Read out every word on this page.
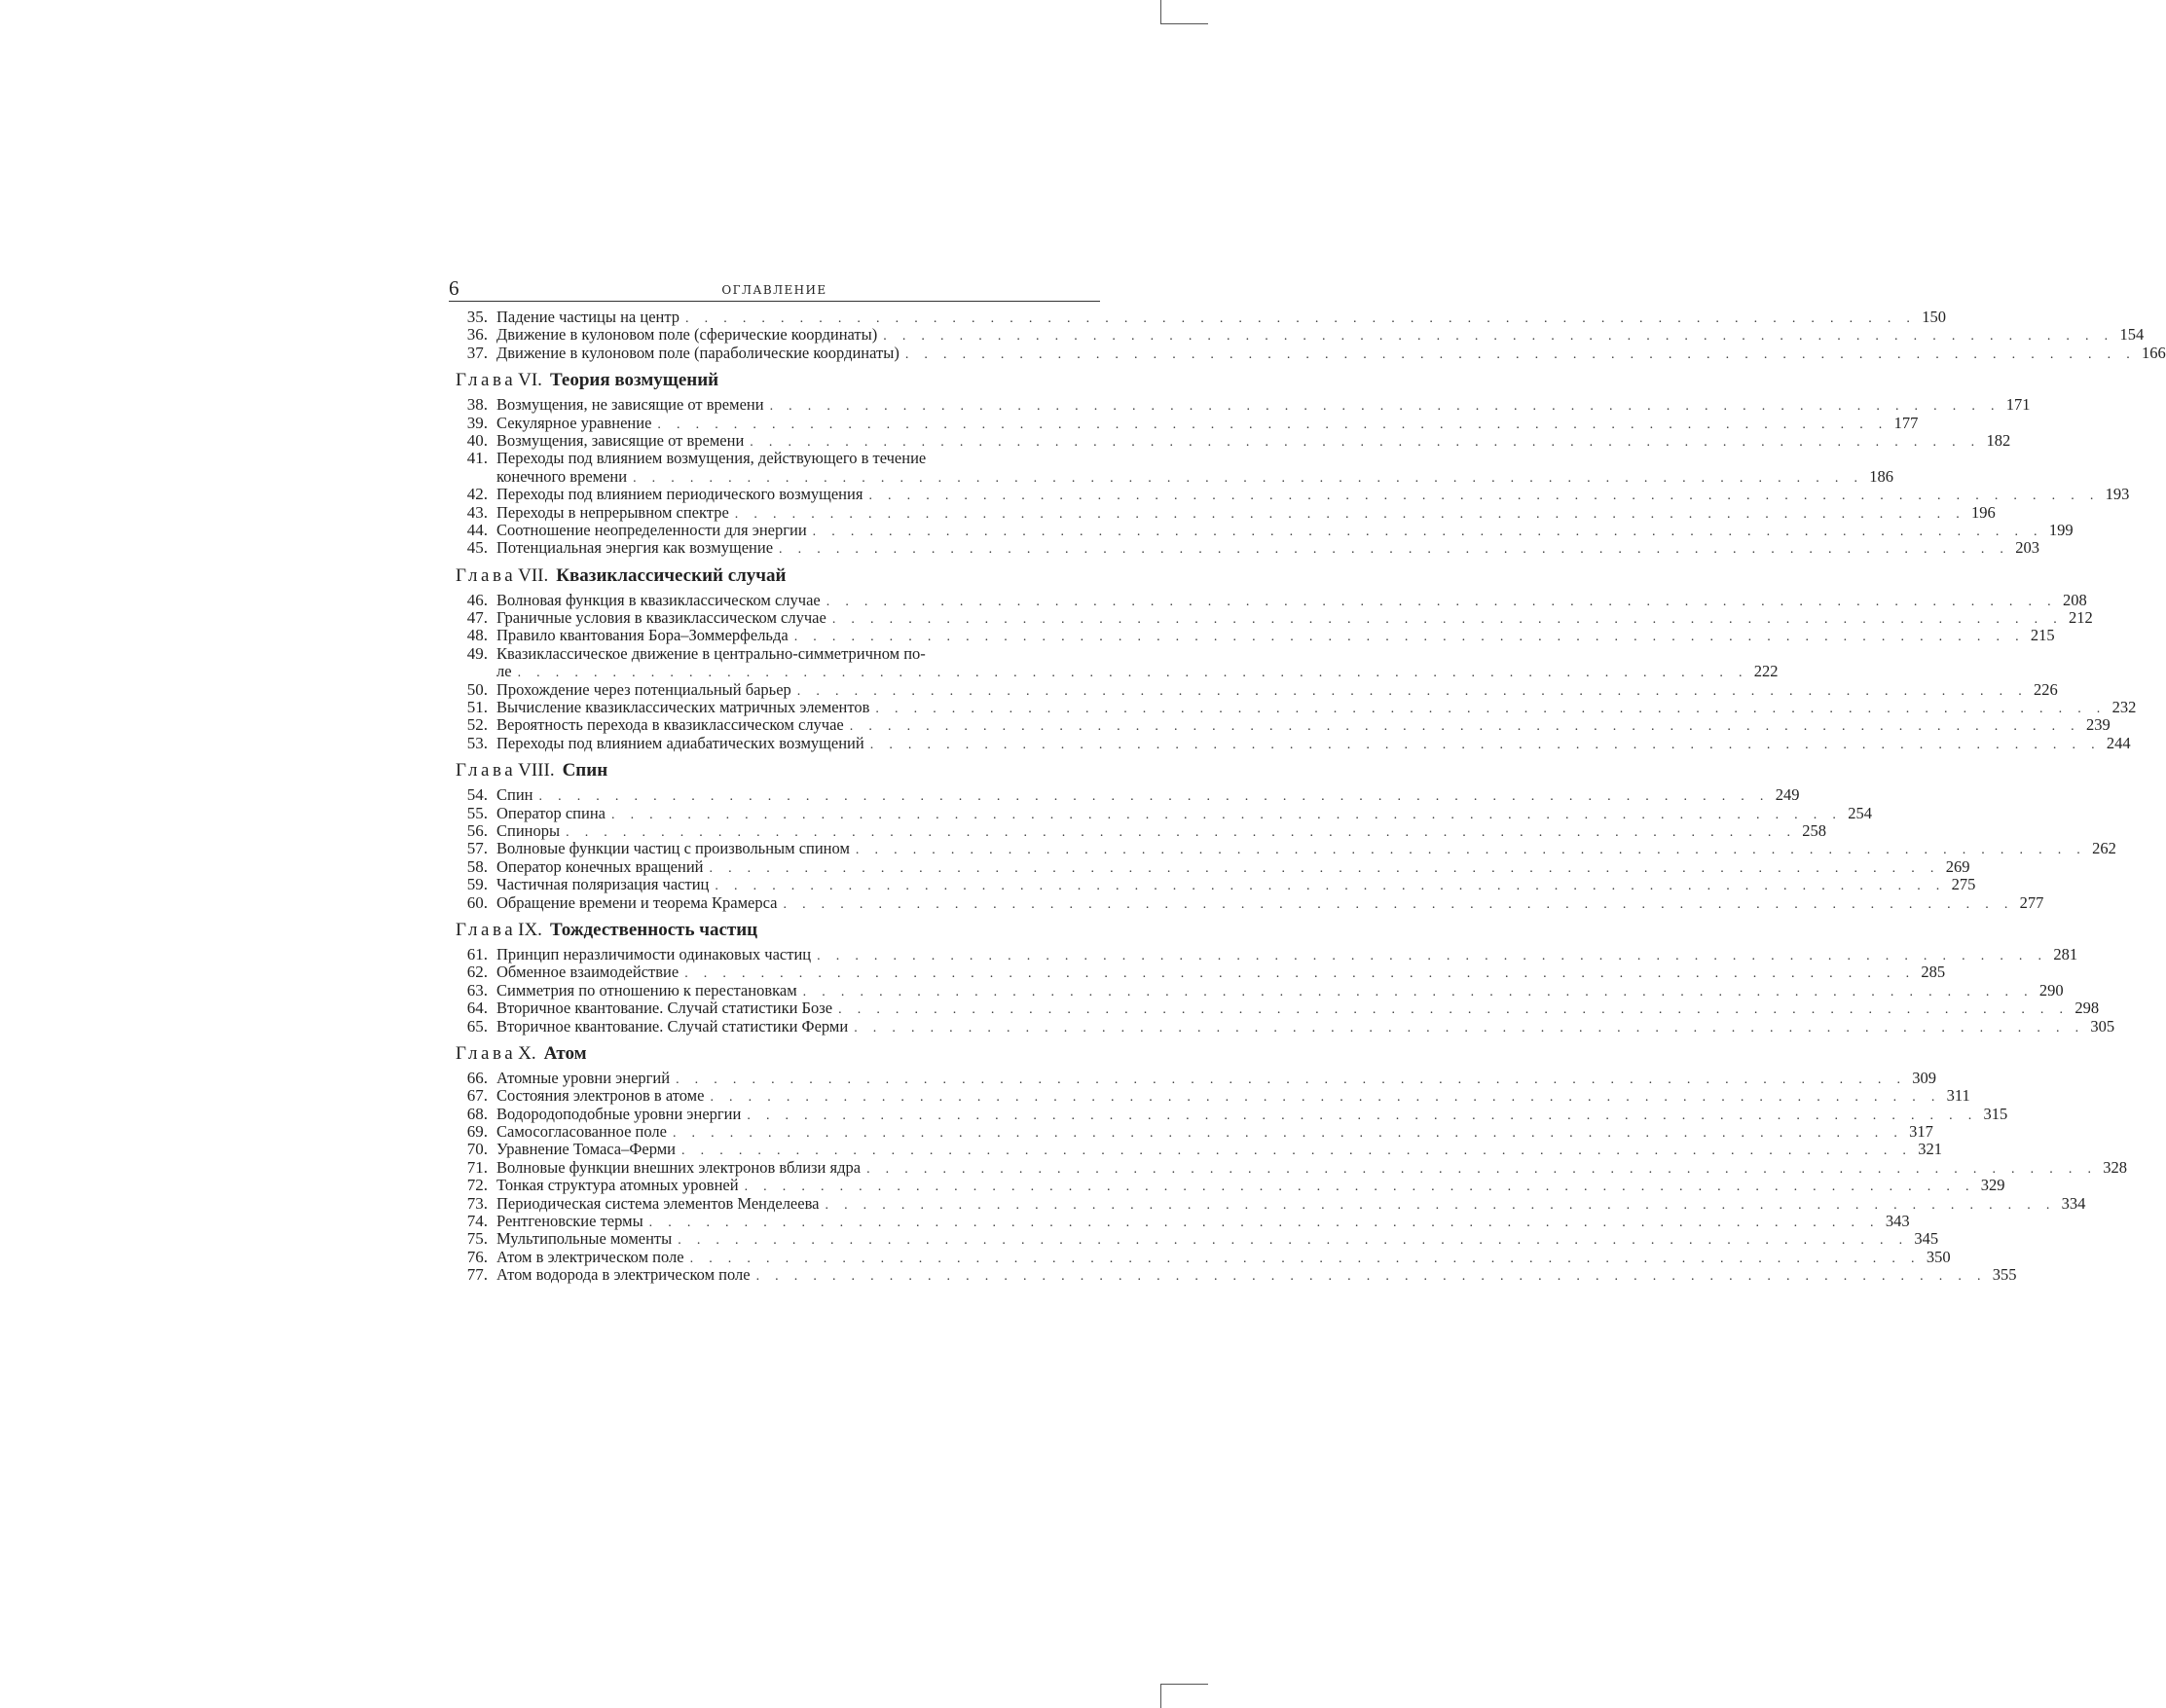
6	ОГЛАВЛЕНИЕ
35. Падение частицы на центр . . . . . . . . . . . . . . . . . . . . . . . . . . . . . . . . . . . . . . . . . . . . . . . . . . . . . . . . . . . . . . . . . 150
36. Движение в кулоновом поле (сферические координаты) . . . . . . . . . . . . . . . . . . . . . . . . . . . . . . . . . . . . . . . . . . . . . . . . . . . . . . . . . . . . . . . . . 154
37. Движение в кулоновом поле (параболические координаты) . . . . . . . . . . . . . . . . . . . . . . . . . . . . . . . . . . . . . . . . . . . . . . . . . . . . . . . . . . . . . . . . . 166
Глава VI. Теория возмущений
38. Возмущения, не зависящие от времени . . . . . . . . . . . . . . . . . . . . . . . . . . . . . . . . . . . . . . . . . . . . . . . . . . . . . . . . . . . . . . . . . 171
39. Секулярное уравнение . . . . . . . . . . . . . . . . . . . . . . . . . . . . . . . . . . . . . . . . . . . . . . . . . . . . . . . . . . . . . . . . . 177
40. Возмущения, зависящие от времени . . . . . . . . . . . . . . . . . . . . . . . . . . . . . . . . . . . . . . . . . . . . . . . . . . . . . . . . . . . . . . . . . 182
41. Переходы под влиянием возмущения, действующего в течение
конечного времени . . . . . . . . . . . . . . . . . . . . . . . . . . . . . . . . . . . . . . . . . . . . . . . . . . . . . . . . . . . . . . . . . 186
42. Переходы под влиянием периодического возмущения . . . . . . . . . . . . . . . . . . . . . . . . . . . . . . . . . . . . . . . . . . . . . . . . . . . . . . . . . . . . . . . . . 193
43. Переходы в непрерывном спектре . . . . . . . . . . . . . . . . . . . . . . . . . . . . . . . . . . . . . . . . . . . . . . . . . . . . . . . . . . . . . . . . . 196
44. Соотношение неопределенности для энергии . . . . . . . . . . . . . . . . . . . . . . . . . . . . . . . . . . . . . . . . . . . . . . . . . . . . . . . . . . . . . . . . . 199
45. Потенциальная энергия как возмущение . . . . . . . . . . . . . . . . . . . . . . . . . . . . . . . . . . . . . . . . . . . . . . . . . . . . . . . . . . . . . . . . . 203
Глава VII. Квазиклассический случай
46. Волновая функция в квазиклассическом случае . . . . . . . . . . . . . . . . . . . . . . . . . . . . . . . . . . . . . . . . . . . . . . . . . . . . . . . . . . . . . . . . . 208
47. Граничные условия в квазиклассическом случае . . . . . . . . . . . . . . . . . . . . . . . . . . . . . . . . . . . . . . . . . . . . . . . . . . . . . . . . . . . . . . . . . 212
48. Правило квантования Бора–Зоммерфельда . . . . . . . . . . . . . . . . . . . . . . . . . . . . . . . . . . . . . . . . . . . . . . . . . . . . . . . . . . . . . . . . . 215
49. Квазиклассическое движение в центрально-симметричном по-
ле . . . . . . . . . . . . . . . . . . . . . . . . . . . . . . . . . . . . . . . . . . . . . . . . . . . . . . . . . . . . . . . . . 222
50. Прохождение через потенциальный барьер . . . . . . . . . . . . . . . . . . . . . . . . . . . . . . . . . . . . . . . . . . . . . . . . . . . . . . . . . . . . . . . . . 226
51. Вычисление квазиклассических матричных элементов . . . . . . . . . . . . . . . . . . . . . . . . . . . . . . . . . . . . . . . . . . . . . . . . . . . . . . . . . . . . . . . . . 232
52. Вероятность перехода в квазиклассическом случае . . . . . . . . . . . . . . . . . . . . . . . . . . . . . . . . . . . . . . . . . . . . . . . . . . . . . . . . . . . . . . . . . 239
53. Переходы под влиянием адиабатических возмущений . . . . . . . . . . . . . . . . . . . . . . . . . . . . . . . . . . . . . . . . . . . . . . . . . . . . . . . . . . . . . . . . . 244
Глава VIII. Спин
54. Спин . . . . . . . . . . . . . . . . . . . . . . . . . . . . . . . . . . . . . . . . . . . . . . . . . . . . . . . . . . . . . . . . . 249
55. Оператор спина . . . . . . . . . . . . . . . . . . . . . . . . . . . . . . . . . . . . . . . . . . . . . . . . . . . . . . . . . . . . . . . . . 254
56. Спиноры . . . . . . . . . . . . . . . . . . . . . . . . . . . . . . . . . . . . . . . . . . . . . . . . . . . . . . . . . . . . . . . . . 258
57. Волновые функции частиц с произвольным спином . . . . . . . . . . . . . . . . . . . . . . . . . . . . . . . . . . . . . . . . . . . . . . . . . . . . . . . . . . . . . . . . . 262
58. Оператор конечных вращений . . . . . . . . . . . . . . . . . . . . . . . . . . . . . . . . . . . . . . . . . . . . . . . . . . . . . . . . . . . . . . . . . 269
59. Частичная поляризация частиц . . . . . . . . . . . . . . . . . . . . . . . . . . . . . . . . . . . . . . . . . . . . . . . . . . . . . . . . . . . . . . . . . 275
60. Обращение времени и теорема Крамерса . . . . . . . . . . . . . . . . . . . . . . . . . . . . . . . . . . . . . . . . . . . . . . . . . . . . . . . . . . . . . . . . . 277
Глава IX. Тождественность частиц
61. Принцип неразличимости одинаковых частиц . . . . . . . . . . . . . . . . . . . . . . . . . . . . . . . . . . . . . . . . . . . . . . . . . . . . . . . . . . . . . . . . . 281
62. Обменное взаимодействие . . . . . . . . . . . . . . . . . . . . . . . . . . . . . . . . . . . . . . . . . . . . . . . . . . . . . . . . . . . . . . . . . 285
63. Симметрия по отношению к перестановкам . . . . . . . . . . . . . . . . . . . . . . . . . . . . . . . . . . . . . . . . . . . . . . . . . . . . . . . . . . . . . . . . . 290
64. Вторичное квантование. Случай статистики Бозе . . . . . . . . . . . . . . . . . . . . . . . . . . . . . . . . . . . . . . . . . . . . . . . . . . . . . . . . . . . . . . . . . 298
65. Вторичное квантование. Случай статистики Ферми . . . . . . . . . . . . . . . . . . . . . . . . . . . . . . . . . . . . . . . . . . . . . . . . . . . . . . . . . . . . . . . . . 305
Глава X. Атом
66. Атомные уровни энергий . . . . . . . . . . . . . . . . . . . . . . . . . . . . . . . . . . . . . . . . . . . . . . . . . . . . . . . . . . . . . . . . . 309
67. Состояния электронов в атоме . . . . . . . . . . . . . . . . . . . . . . . . . . . . . . . . . . . . . . . . . . . . . . . . . . . . . . . . . . . . . . . . . 311
68. Водородоподобные уровни энергии . . . . . . . . . . . . . . . . . . . . . . . . . . . . . . . . . . . . . . . . . . . . . . . . . . . . . . . . . . . . . . . . . 315
69. Самосогласованное поле . . . . . . . . . . . . . . . . . . . . . . . . . . . . . . . . . . . . . . . . . . . . . . . . . . . . . . . . . . . . . . . . . 317
70. Уравнение Томаса–Ферми . . . . . . . . . . . . . . . . . . . . . . . . . . . . . . . . . . . . . . . . . . . . . . . . . . . . . . . . . . . . . . . . . 321
71. Волновые функции внешних электронов вблизи ядра . . . . . . . . . . . . . . . . . . . . . . . . . . . . . . . . . . . . . . . . . . . . . . . . . . . . . . . . . . . . . . . . . 328
72. Тонкая структура атомных уровней . . . . . . . . . . . . . . . . . . . . . . . . . . . . . . . . . . . . . . . . . . . . . . . . . . . . . . . . . . . . . . . . . 329
73. Периодическая система элементов Менделеева . . . . . . . . . . . . . . . . . . . . . . . . . . . . . . . . . . . . . . . . . . . . . . . . . . . . . . . . . . . . . . . . . 334
74. Рентгеновские термы . . . . . . . . . . . . . . . . . . . . . . . . . . . . . . . . . . . . . . . . . . . . . . . . . . . . . . . . . . . . . . . . . 343
75. Мультипольные моменты . . . . . . . . . . . . . . . . . . . . . . . . . . . . . . . . . . . . . . . . . . . . . . . . . . . . . . . . . . . . . . . . . 345
76. Атом в электрическом поле . . . . . . . . . . . . . . . . . . . . . . . . . . . . . . . . . . . . . . . . . . . . . . . . . . . . . . . . . . . . . . . . . 350
77. Атом водорода в электрическом поле . . . . . . . . . . . . . . . . . . . . . . . . . . . . . . . . . . . . . . . . . . . . . . . . . . . . . . . . . . . . . . . . . 355
